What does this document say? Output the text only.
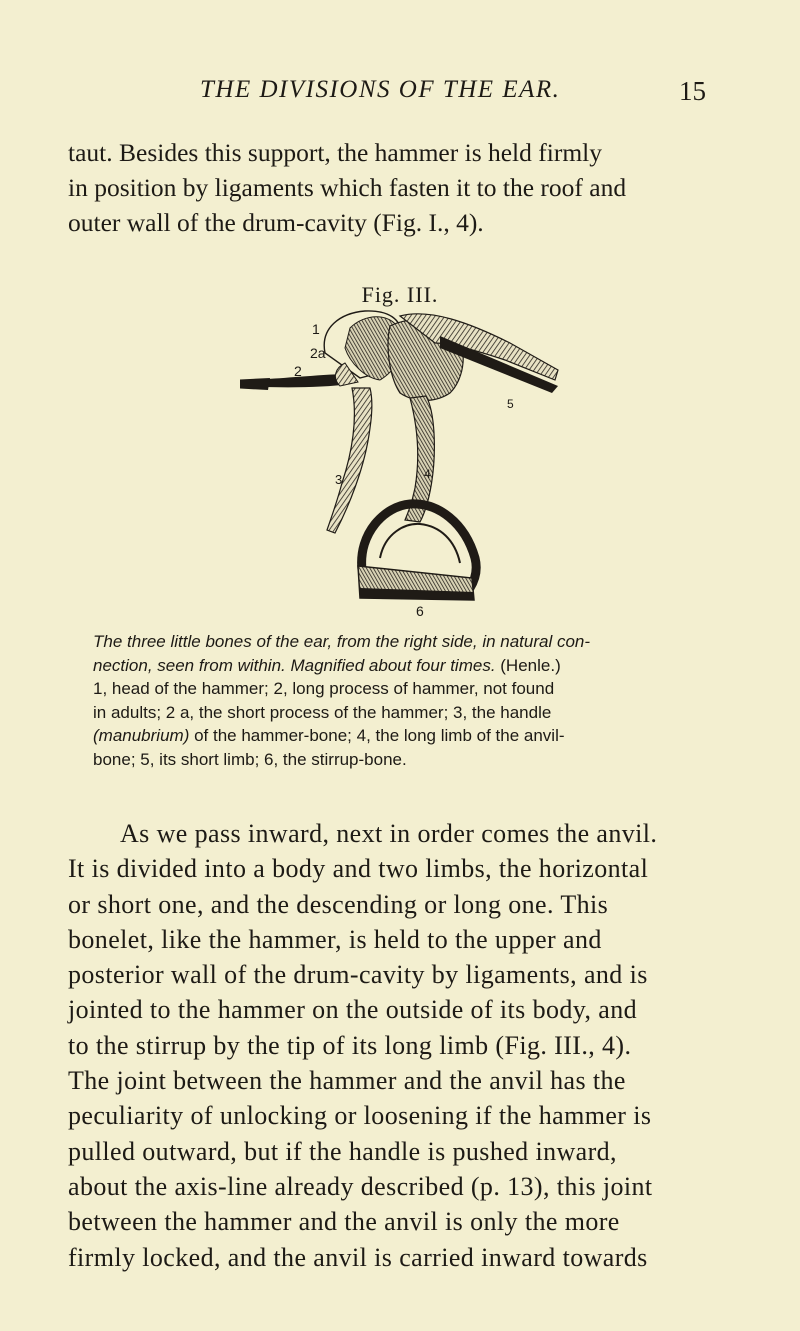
THE DIVISIONS OF THE EAR.	15
taut. Besides this support, the hammer is held firmly
in position by ligaments which fasten it to the roof and
outer wall of the drum-cavity (Fig. I., 4).
Fig. III.
1
2a
2
5
3	4
6
The three little bones of the ear, from the right side, in natural con-
nection, seen from within. Magnified about four times. (Henle.)
1, head of the hammer; 2, long process of hammer, not found
in adults; 2 a, the short process of the hammer; 3, the handle
(manubrium) of the hammer-bone; 4, the long limb of the anvil-
bone; 5, its short limb; 6, the stirrup-bone.

As we pass inward, next in order comes the anvil.
It is divided into a body and two limbs, the horizontal
or short one, and the descending or long one. This
bonelet, like the hammer, is held to the upper and
posterior wall of the drum-cavity by ligaments, and is
jointed to the hammer on the outside of its body, and
to the stirrup by the tip of its long limb (Fig. III., 4).
The joint between the hammer and the anvil has the
peculiarity of unlocking or loosening if the hammer is
pulled outward, but if the handle is pushed inward,
about the axis-line already described (p. 13), this joint
between the hammer and the anvil is only the more
firmly locked, and the anvil is carried inward towards
